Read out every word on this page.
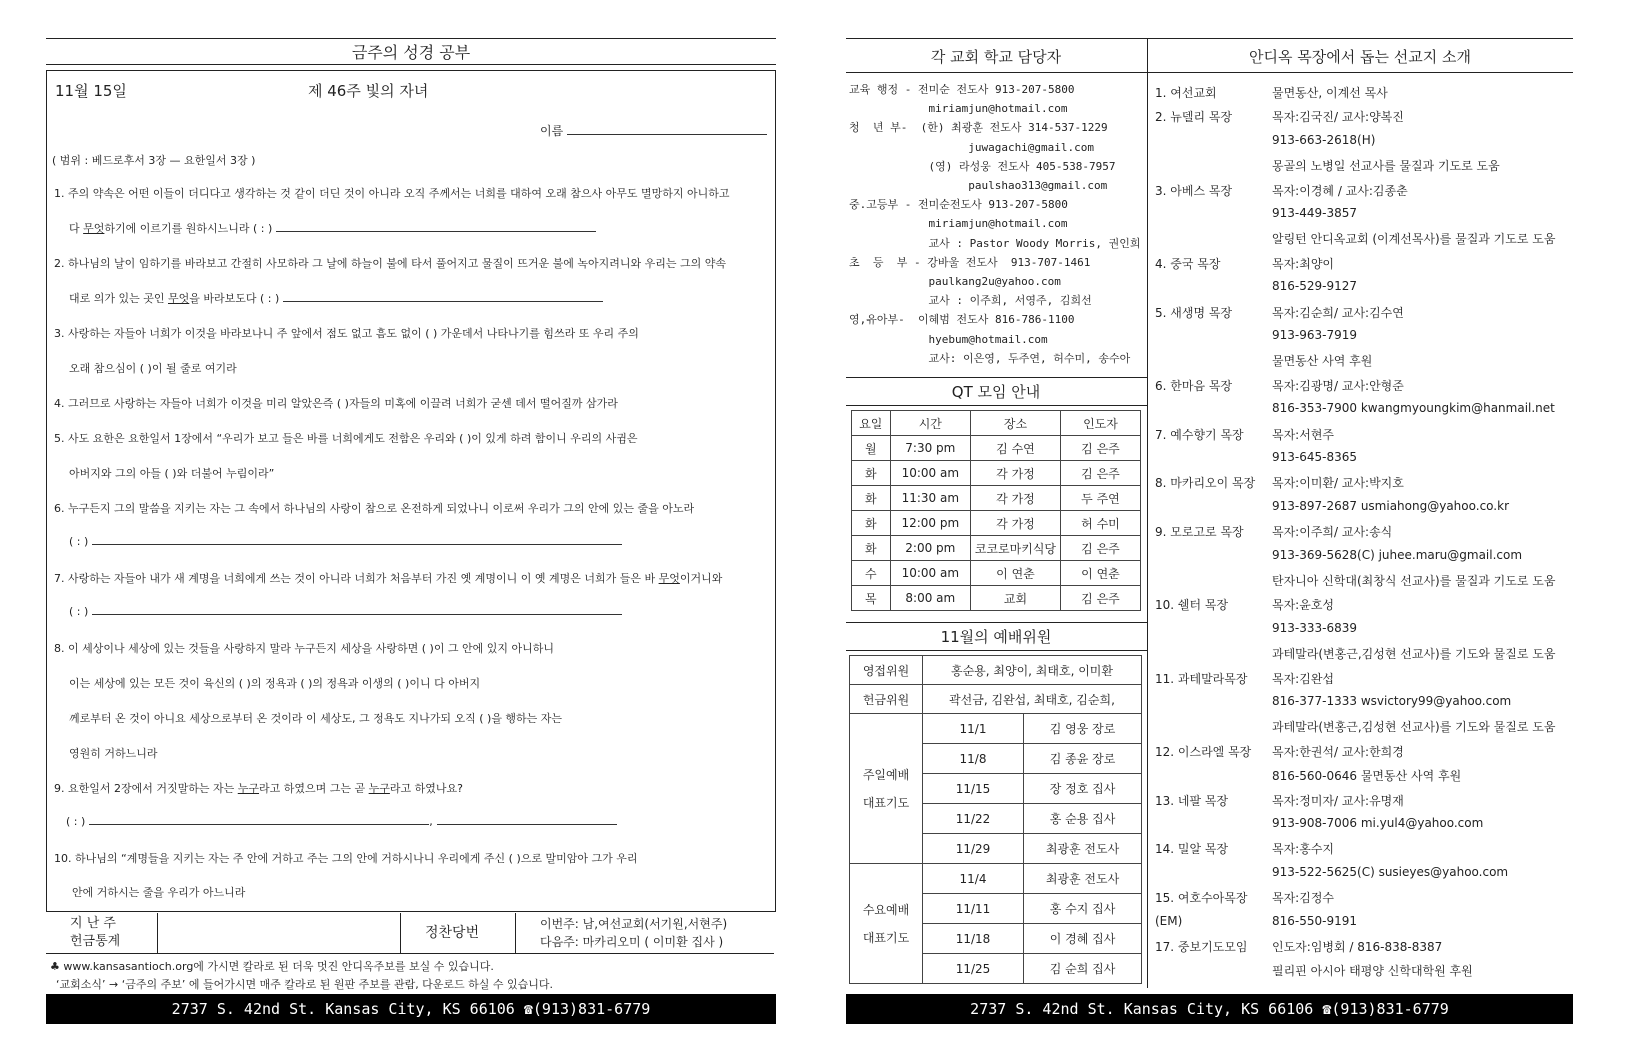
금주의 성경 공부
11월 15일	제 46주 빛의 자녀
이름
( 범위 : 베드로후서 3장 — 요한일서 3장 )
1. 주의 약속은 어떤 이들이 더디다고 생각하는 것 같이 더딘 것이 아니라 오직 주께서는 너희를 대하여 오래 참으사 아무도 멸망하지 아니하고
다 무엇하기에 이르기를 원하시느니라 ( : )
2. 하나님의 날이 임하기를 바라보고 간절히 사모하라 그 날에 하늘이 불에 타서 풀어지고 물질이 뜨거운 불에 녹아지려니와 우리는 그의 약속
대로 의가 있는 곳인 무엇을 바라보도다 ( : )
3. 사랑하는 자들아 너희가 이것을 바라보나니 주 앞에서 점도 없고 흠도 없이 ( ) 가운데서 나타나기를 힘쓰라 또 우리 주의
오래 참으심이 ( )이 될 줄로 여기라
4. 그러므로 사랑하는 자들아 너희가 이것을 미리 알았은즉 ( )자들의 미혹에 이끌려 너희가 굳센 데서 떨어질까 삼가라
5. 사도 요한은 요한일서 1장에서 “우리가 보고 들은 바를 너희에게도 전함은 우리와 ( )이 있게 하려 함이니 우리의 사귐은
아버지와 그의 아들 ( )와 더불어 누림이라”
6. 누구든지 그의 말씀을 지키는 자는 그 속에서 하나님의 사랑이 참으로 온전하게 되었나니 이로써 우리가 그의 안에 있는 줄을 아노라
( : )
7. 사랑하는 자들아 내가 새 계명을 너희에게 쓰는 것이 아니라 너희가 처음부터 가진 옛 계명이니 이 옛 계명은 너희가 들은 바 무엇이거니와
( : )
8. 이 세상이나 세상에 있는 것들을 사랑하지 말라 누구든지 세상을 사랑하면 ( )이 그 안에 있지 아니하니
이는 세상에 있는 모든 것이 육신의 ( )의 정욕과 ( )의 정욕과 이생의 ( )이니 다 아버지
께로부터 온 것이 아니요 세상으로부터 온 것이라 이 세상도, 그 정욕도 지나가되 오직 ( )을 행하는 자는
영원히 거하느니라
9. 요한일서 2장에서 거짓말하는 자는 누구라고 하였으며 그는 곧 누구라고 하였나요?
( : )	,
10. 하나님의 “계명들을 지키는 자는 주 안에 거하고 주는 그의 안에 거하시나니 우리에게 주신 ( )으로 말미암아 그가 우리
안에 거하시는 줄을 우리가 아느니라
지 난 주
헌금통계
정찬당번
이번주: 남,여선교회(서기원,서현주)
다음주: 마카리오미 ( 이미환 집사 )
♣ www.kansasantioch.org에 가시면 칼라로 된 더욱 멋진 안디옥주보를 보실 수 있습니다.
‘교회소식’ → ‘금주의 주보’ 에 들어가시면 매주 칼라로 된 원판 주보를 관람, 다운로드 하실 수 있습니다.
2737 S. 42nd St. Kansas City, KS 66106 ☎(913)831-6779
각 교회 학교 담당자
교육 행정 - 전미순 전도사 913-207-5800
miriamjun@hotmail.com
청  년 부-  (한) 최광훈 전도사 314-537-1229
juwagachi@gmail.com
(영) 라성웅 전도사 405-538-7957
paulshao313@gmail.com
중.고등부 - 전미순전도사 913-207-5800
miriamjun@hotmail.com
교사 : Pastor Woody Morris, 권인희
초  등  부 - 강바울 전도사  913-707-1461
paulkang2u@yahoo.com
교사 : 이주희, 서영주, 김희선
영,유아부-  이혜범 전도사 816-786-1100
hyebum@hotmail.com
교사: 이은영, 두주연, 허수미, 송수아
QT 모임 안내
요일	시간	장소	인도자
월	7:30 pm	김 수연	김 은주
화	10:00 am	각 가정	김 은주
화	11:30 am	각 가정	두 주연
화	12:00 pm	각 가정	허 수미
화	2:00 pm	코코로마키식당	김 은주
수	10:00 am	이 연춘	이 연춘
목	8:00 am	교회	김 은주
11월의 예배위원
영접위원	홍순용, 최양이, 최태호, 이미환	
헌금위원	곽선금, 김완섭, 최태호, 김순희,	

주일예배
대표기도	11/1	김 영웅 장로
	11/8	김 종윤 장로
	11/15	장 정호 집사
	11/22	홍 순용 집사
	11/29	최광훈 전도사

수요예배
대표기도	11/4	최광훈 전도사
	11/11	홍 수지 집사
	11/18	이 경혜 집사
	11/25	김 순희 집사
2737 S. 42nd St. Kansas City, KS 66106 ☎(913)831-6779
안디옥 목장에서 돕는 선교지 소개
1. 여선교회	물면동산, 이계선 목사
2. 뉴델리 목장	목자:김국진/ 교사:양복진
913-663-2618(H)
몽골의 노병일 선교사를 물질과 기도로 도움
3. 아베스 목장	목자:이경혜 / 교사:김종춘
913-449-3857
알링턴 안디옥교회 (이계선목사)를 물질과 기도로 도움
4. 중국 목장	목자:최양이
816-529-9127
5. 새생명 목장	목자:김순희/ 교사:김수연
913-963-7919
물면동산 사역 후원
6. 한마음 목장	목자:김광명/ 교사:안형준
816-353-7900 kwangmyoungkim@hanmail.net
7. 예수향기 목장 목자:서현주
913-645-8365
8. 마카리오이 목장 목자:이미환/ 교사:박지호
913-897-2687 usmiahong@yahoo.co.kr
9. 모로고로 목장 목자:이주희/ 교사:송식
913-369-5628(C) juhee.maru@gmail.com
탄자니아 신학대(최창식 선교사)를 물질과 기도로 도움
10. 쉘터 목장	목자:윤호성
913-333-6839
과테말라(변홍근,김성현 선교사)를 기도와 물질로 도움
11. 과테말라목장 목자:김완섭
816-377-1333 wsvictory99@yahoo.com
과테말라(변홍근,김성현 선교사)를 기도와 물질로 도움
12. 이스라엘 목장 목자:한권석/ 교사:한희경
816-560-0646 물면동산 사역 후원
13. 네팔 목장	목자:정미자/ 교사:유명재
913-908-7006 mi.yul4@yahoo.com
14. 밀알 목장	목자:홍수지
913-522-5625(C) susieyes@yahoo.com
15. 여호수아목장 목자:김정수
(EM)	816-550-9191
17. 중보기도모임 인도자:임병회 / 816-838-8387
필리핀 아시아 태평양 신학대학원 후원
